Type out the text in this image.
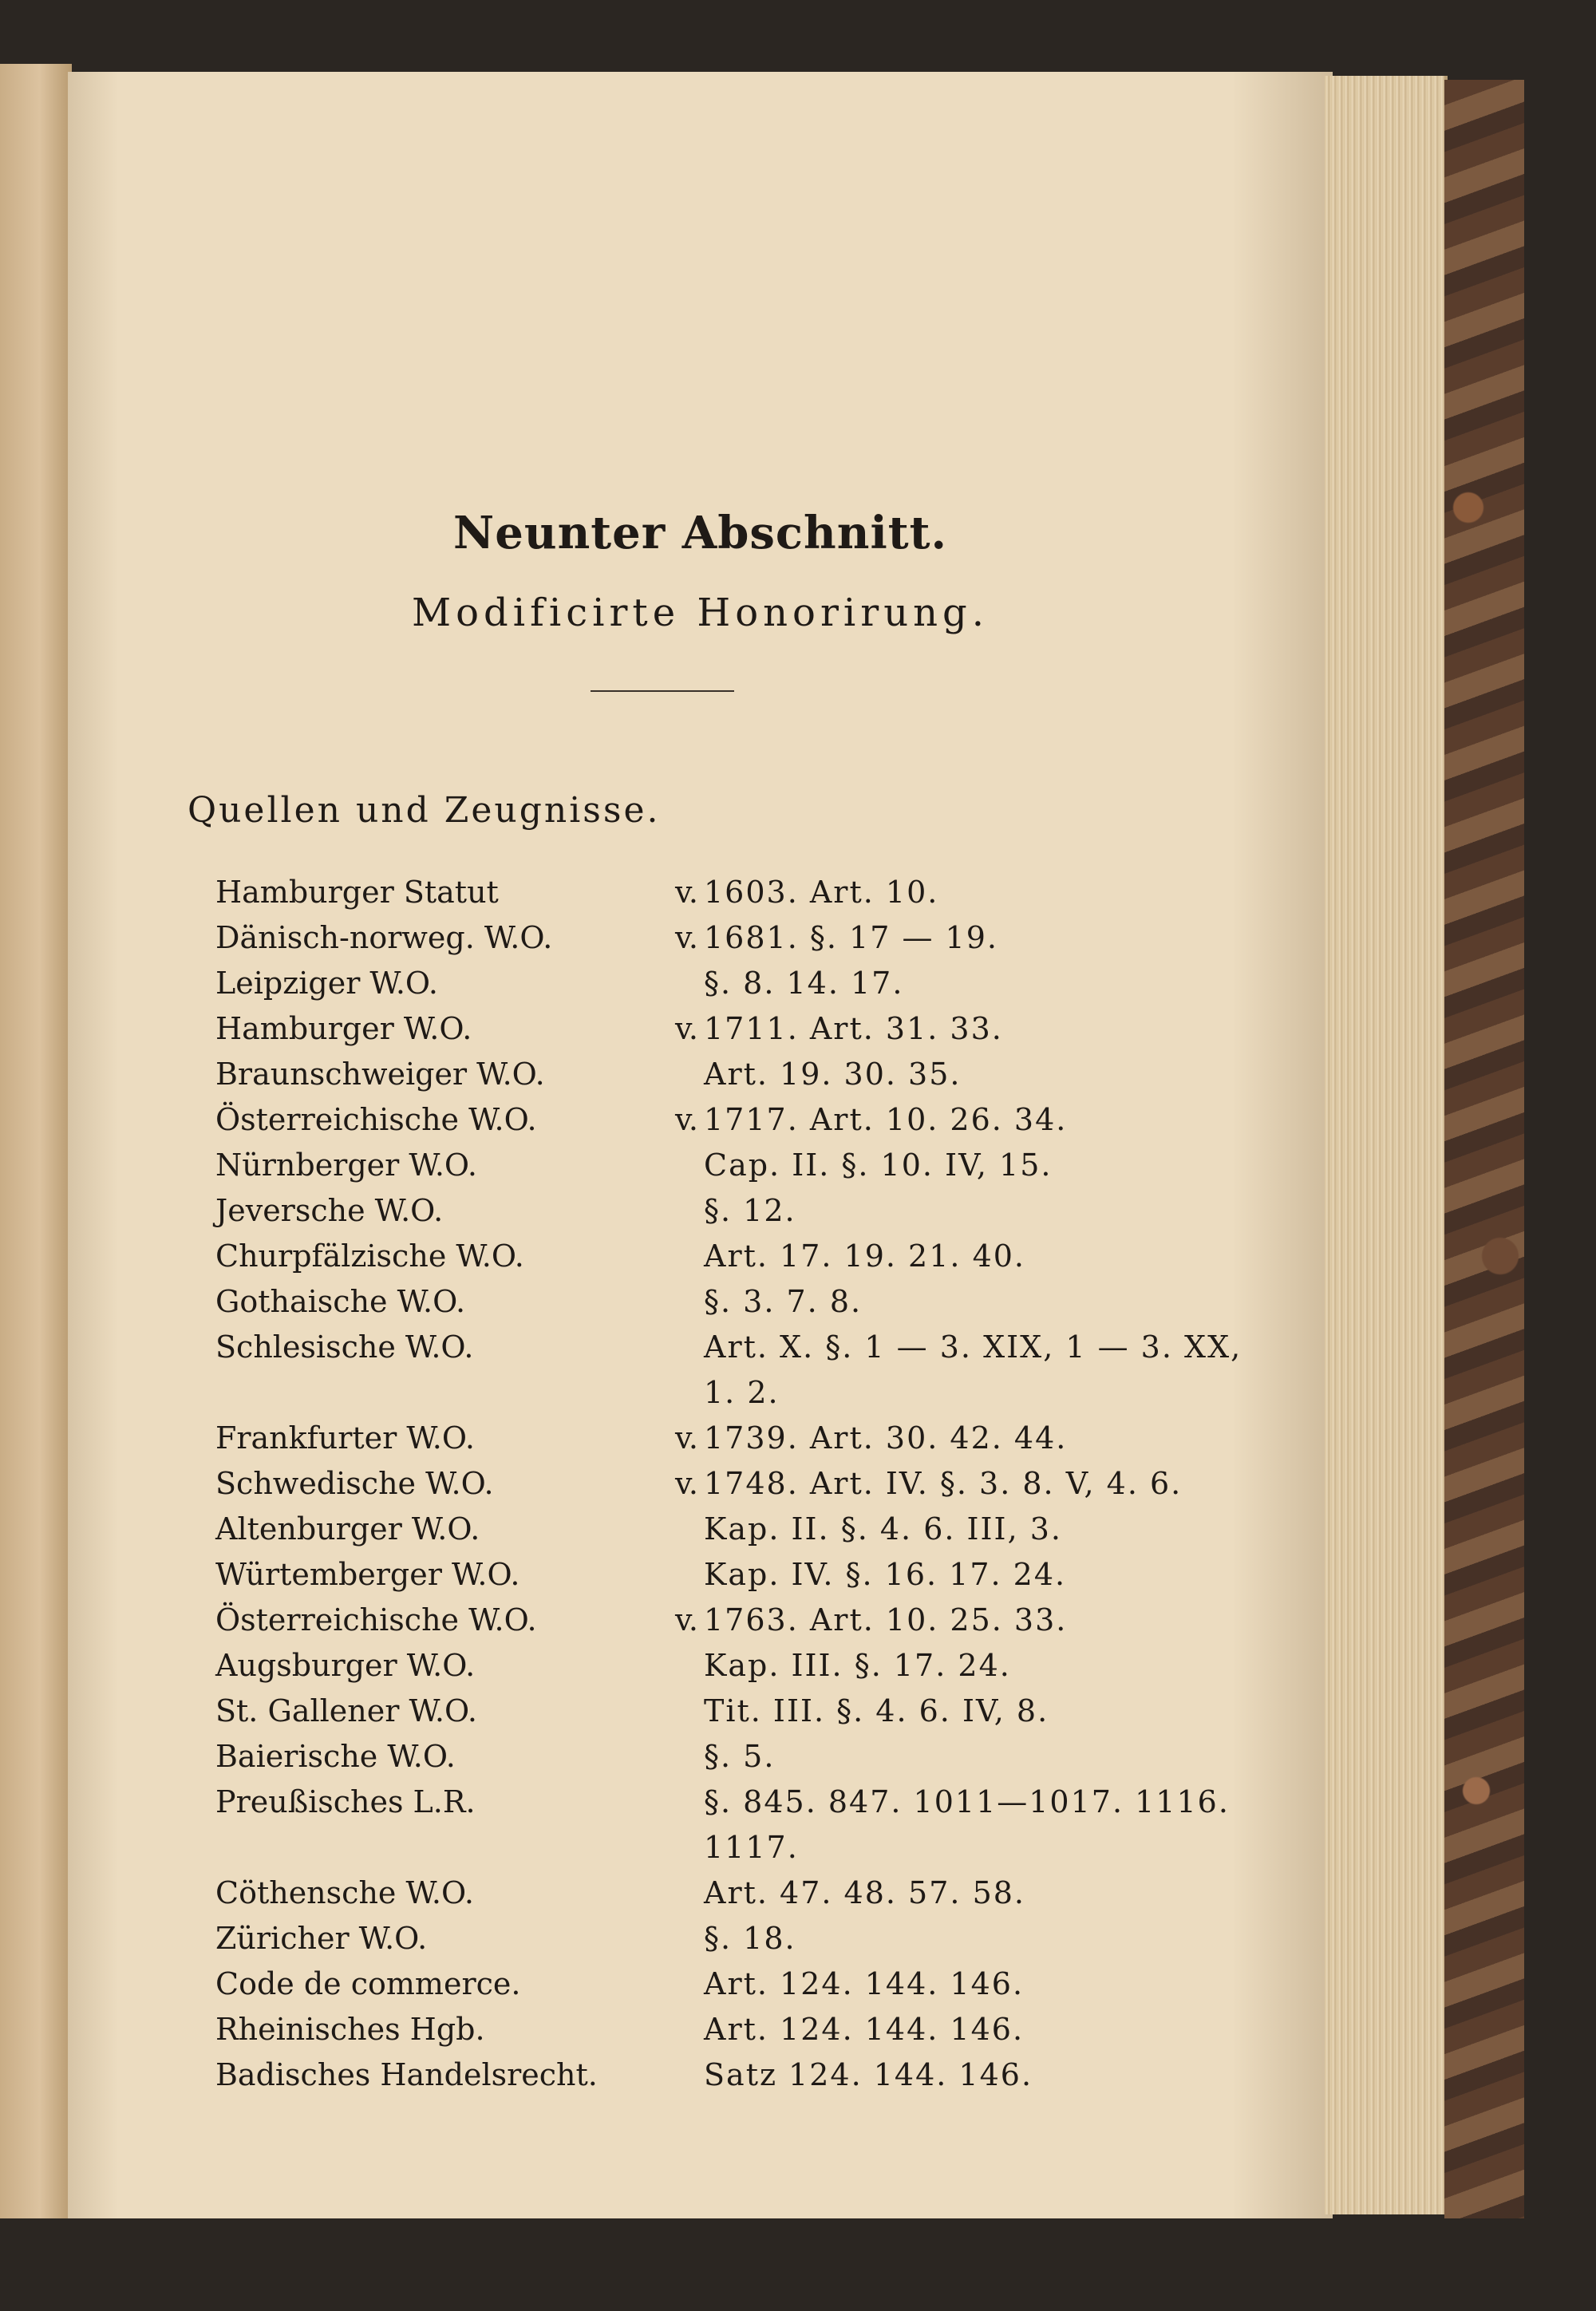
Neunter Abschnitt.
Modificirte Honorirung.
Quellen und Zeugnisse.
Hamburger Statut	v. 1603. Art. 10.
Dänisch-norweg. W.O.	v. 1681. §. 17 — 19.
Leipziger W.O.	§. 8. 14. 17.
Hamburger W.O.	v. 1711. Art. 31. 33.
Braunschweiger W.O.	Art. 19. 30. 35.
Österreichische W.O.	v. 1717. Art. 10. 26. 34.
Nürnberger W.O.	Cap. II. §. 10. IV, 15.
Jeversche W.O.	§. 12.
Churpfälzische W.O.	Art. 17. 19. 21. 40.
Gothaische W.O.	§. 3. 7. 8.
Schlesische W.O.	Art. X. §. 1 — 3. XIX, 1 — 3. XX, 1. 2.
Frankfurter W.O.	v. 1739. Art. 30. 42. 44.
Schwedische W.O.	v. 1748. Art. IV. §. 3. 8. V, 4. 6.
Altenburger W.O.	Kap. II. §. 4. 6. III, 3.
Würtemberger W.O.	Kap. IV. §. 16. 17. 24.
Österreichische W.O.	v. 1763. Art. 10. 25. 33.
Augsburger W.O.	Kap. III. §. 17. 24.
St. Gallener W.O.	Tit. III. §. 4. 6. IV, 8.
Baierische W.O.	§. 5.
Preußisches L.R.	§. 845. 847. 1011—1017. 1116. 1117.
Cöthensche W.O.	Art. 47. 48. 57. 58.
Züricher W.O.	§. 18.
Code de commerce.	Art. 124. 144. 146.
Rheinisches Hgb.	Art. 124. 144. 146.
Badisches Handelsrecht.	Satz 124. 144. 146.
